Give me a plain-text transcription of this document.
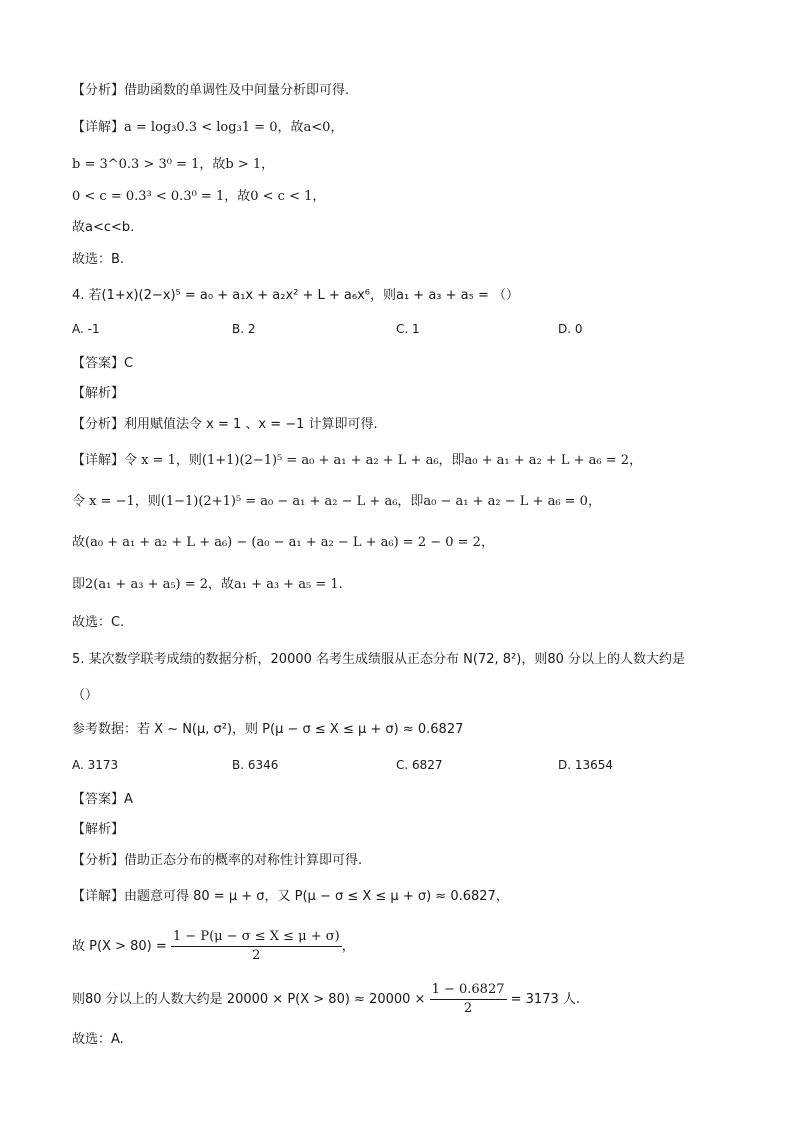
【分析】借助函数的单调性及中间量分析即可得.
【详解】a = log₃0.3 < log₃1 = 0，故a<0，
b = 3^0.3 > 3⁰ = 1，故b > 1，
0 < c = 0.3³ < 0.3⁰ = 1，故0 < c < 1，
故a<c<b.
故选：B.
4. 若(1+x)(2−x)⁵ = a₀ + a₁x + a₂x² + L + a₆x⁶，则a₁ + a₃ + a₅ = （）
A. -1	B. 2	C. 1	D. 0
【答案】C
【解析】
【分析】利用赋值法令 x = 1 、x = −1 计算即可得.
【详解】令 x = 1，则(1+1)(2−1)⁵ = a₀ + a₁ + a₂ + L + a₆，即a₀ + a₁ + a₂ + L + a₆ = 2，
令 x = −1，则(1−1)(2+1)⁵ = a₀ − a₁ + a₂ − L + a₆，即a₀ − a₁ + a₂ − L + a₆ = 0，
故(a₀ + a₁ + a₂ + L + a₆) − (a₀ − a₁ + a₂ − L + a₆) = 2 − 0 = 2，
即2(a₁ + a₃ + a₅) = 2，故a₁ + a₃ + a₅ = 1.
故选：C.
5. 某次数学联考成绩的数据分析，20000 名考生成绩服从正态分布 N(72, 8²)，则80 分以上的人数大约是
（）
参考数据：若 X ~ N(μ, σ²)，则 P(μ − σ ≤ X ≤ μ + σ) ≈ 0.6827
A. 3173	B. 6346	C. 6827	D. 13654
【答案】A
【解析】
【分析】借助正态分布的概率的对称性计算即可得.
【详解】由题意可得 80 = μ + σ，又 P(μ − σ ≤ X ≤ μ + σ) ≈ 0.6827，
故 $P(X > 80) = \frac{1 - P(\mu - \sigma \le X \le \mu + \sigma)}{2}$ ，
则80 分以上的人数大约是 $20000 \times P(X > 80) \approx 20000 \times \frac{1 - 0.6827}{2} = 3173$ 人.
故选：A.
